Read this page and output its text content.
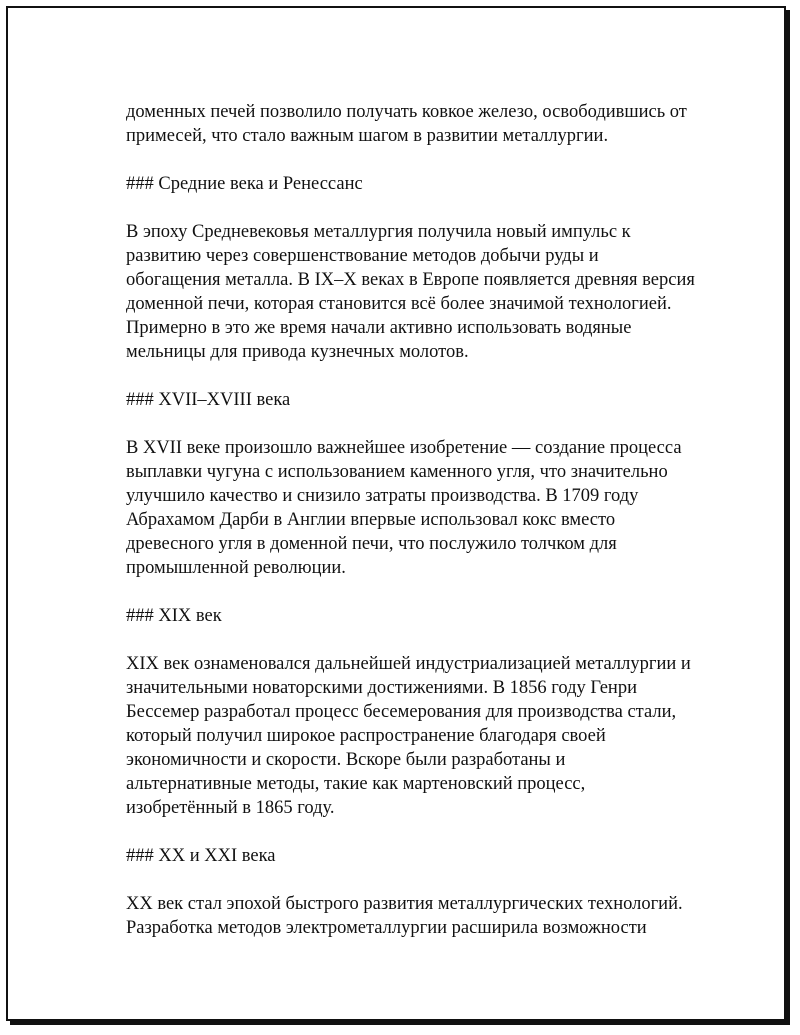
доменных печей позволило получать ковкое железо, освободившись от
примесей, что стало важным шагом в развитии металлургии.

### Средние века и Ренессанс

В эпоху Средневековья металлургия получила новый импульс к
развитию через совершенствование методов добычи руды и
обогащения металла. В IX–X веках в Европе появляется древняя версия
доменной печи, которая становится всё более значимой технологией.
Примерно в это же время начали активно использовать водяные
мельницы для привода кузнечных молотов.

### XVII–XVIII века

В XVII веке произошло важнейшее изобретение — создание процесса
выплавки чугуна с использованием каменного угля, что значительно
улучшило качество и снизило затраты производства. В 1709 году
Абрахамом Дарби в Англии впервые использовал кокс вместо
древесного угля в доменной печи, что послужило толчком для
промышленной революции.

### XIX век

XIX век ознаменовался дальнейшей индустриализацией металлургии и
значительными новаторскими достижениями. В 1856 году Генри
Бессемер разработал процесс бесемерования для производства стали,
который получил широкое распространение благодаря своей
экономичности и скорости. Вскоре были разработаны и
альтернативные методы, такие как мартеновский процесс,
изобретённый в 1865 году.

### XX и XXI века

XX век стал эпохой быстрого развития металлургических технологий.
Разработка методов электрометаллургии расширила возможности
